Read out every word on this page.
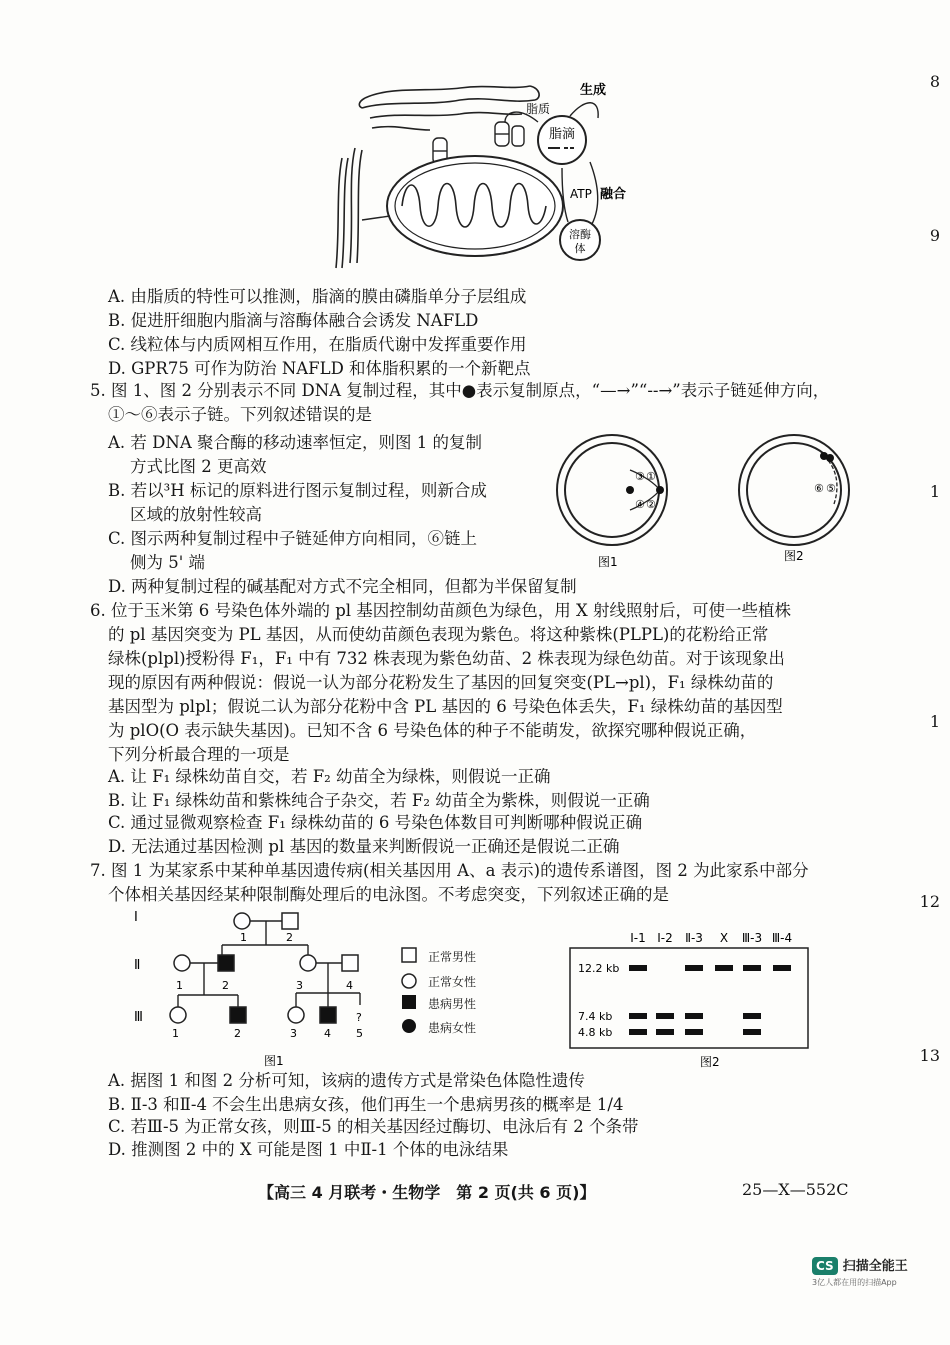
8
9
1
1
12
13
脂滴
溶酶
体
脂质
生成
ATP 融合
A. 由脂质的特性可以推测，脂滴的膜由磷脂单分子层组成
B. 促进肝细胞内脂滴与溶酶体融合会诱发 NAFLD
C. 线粒体与内质网相互作用，在脂质代谢中发挥重要作用
D. GPR75 可作为防治 NAFLD 和体脂积累的一个新靶点
5. 图 1、图 2 分别表示不同 DNA 复制过程，其中●表示复制原点，“—→”“--→”表示子链延伸方向，
①～⑥表示子链。下列叙述错误的是
A. 若 DNA 聚合酶的移动速率恒定，则图 1 的复制
方式比图 2 更高效
B. 若以³H 标记的原料进行图示复制过程，则新合成
区域的放射性较高
C. 图示两种复制过程中子链延伸方向相同，⑥链上
侧为 5' 端
D. 两种复制过程的碱基配对方式不完全相同，但都为半保留复制
③ ①
④ ②
图1
⑥ ⑤
图2
6. 位于玉米第 6 号染色体外端的 pl 基因控制幼苗颜色为绿色，用 X 射线照射后，可使一些植株
的 pl 基因突变为 PL 基因，从而使幼苗颜色表现为紫色。将这种紫株(PLPL)的花粉给正常
绿株(plpl)授粉得 F₁，F₁ 中有 732 株表现为紫色幼苗、2 株表现为绿色幼苗。对于该现象出
现的原因有两种假说：假说一认为部分花粉发生了基因的回复突变(PL→pl)，F₁ 绿株幼苗的
基因型为 plpl；假说二认为部分花粉中含 PL 基因的 6 号染色体丢失，F₁ 绿株幼苗的基因型
为 plO(O 表示缺失基因)。已知不含 6 号染色体的种子不能萌发，欲探究哪种假说正确，
下列分析最合理的一项是
A. 让 F₁ 绿株幼苗自交，若 F₂ 幼苗全为绿株，则假说一正确
B. 让 F₁ 绿株幼苗和紫株纯合子杂交，若 F₂ 幼苗全为紫株，则假说一正确
C. 通过显微观察检查 F₁ 绿株幼苗的 6 号染色体数目可判断哪种假说正确
D. 无法通过基因检测 pl 基因的数量来判断假说一正确还是假说二正确
7. 图 1 为某家系中某种单基因遗传病(相关基因用 A、a 表示)的遗传系谱图，图 2 为此家系中部分
个体相关基因经某种限制酶处理后的电泳图。不考虑突变，下列叙述正确的是
Ⅰ
Ⅱ
Ⅲ
1	2
1	2	3	4
1	2	3 4 5
?
图1
正常男性
正常女性
患病男性
患病女性
Ⅰ-1 Ⅰ-2 Ⅱ-3 X Ⅲ-3 Ⅲ-4
12.2 kb
7.4 kb
4.8 kb
图2
A. 据图 1 和图 2 分析可知，该病的遗传方式是常染色体隐性遗传
B. Ⅱ-3 和Ⅱ-4 不会生出患病女孩，他们再生一个患病男孩的概率是 1/4
C. 若Ⅲ-5 为正常女孩，则Ⅲ-5 的相关基因经过酶切、电泳后有 2 个条带
D. 推测图 2 中的 X 可能是图 1 中Ⅱ-1 个体的电泳结果
【高三 4 月联考・生物学　第 2 页(共 6 页)】	25—X—552C
CS 扫描全能王
3亿人都在用的扫描App
